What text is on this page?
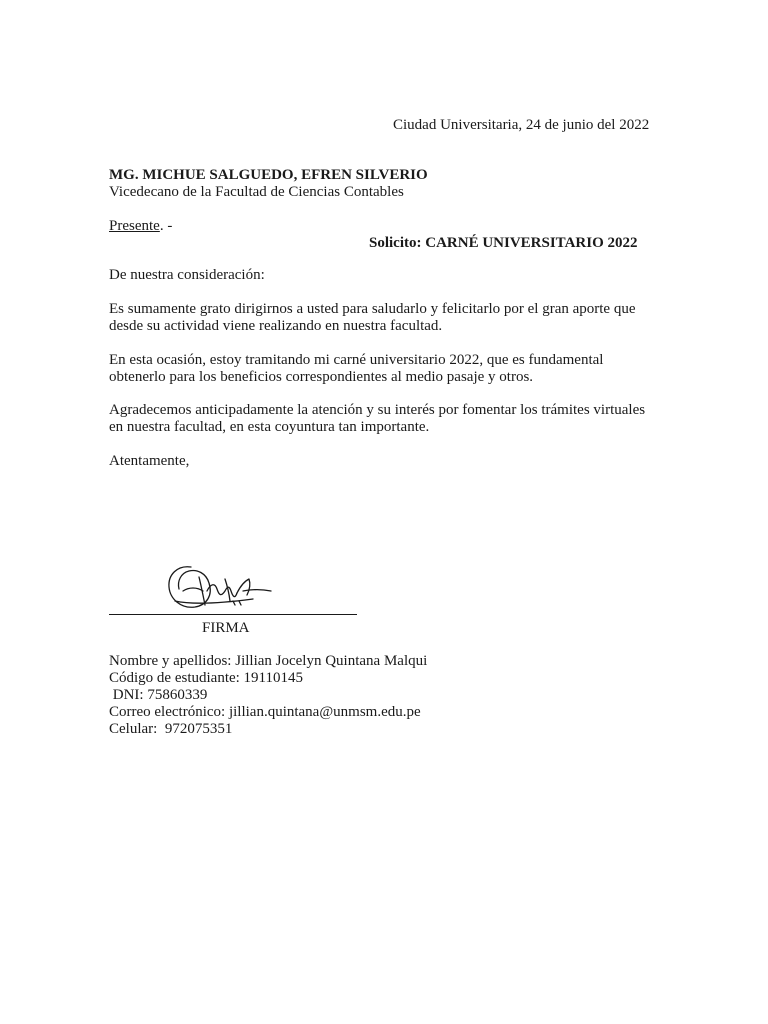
Ciudad Universitaria, 24 de junio del 2022
MG. MICHUE SALGUEDO, EFREN SILVERIO
Vicedecano de la Facultad de Ciencias Contables
Presente. -
Solicito: CARNÉ UNIVERSITARIO 2022
De nuestra consideración:
Es sumamente grato dirigirnos a usted para saludarlo y felicitarlo por el gran aporte que
desde su actividad viene realizando en nuestra facultad.
En esta ocasión, estoy tramitando mi carné universitario 2022, que es fundamental
obtenerlo para los beneficios correspondientes al medio pasaje y otros.
Agradecemos anticipadamente la atención y su interés por fomentar los trámites virtuales
en nuestra facultad, en esta coyuntura tan importante.
Atentamente,
FIRMA
Nombre y apellidos: Jillian Jocelyn Quintana Malqui
Código de estudiante: 19110145
DNI: 75860339
Correo electrónico: jillian.quintana@unmsm.edu.pe
Celular:  972075351
